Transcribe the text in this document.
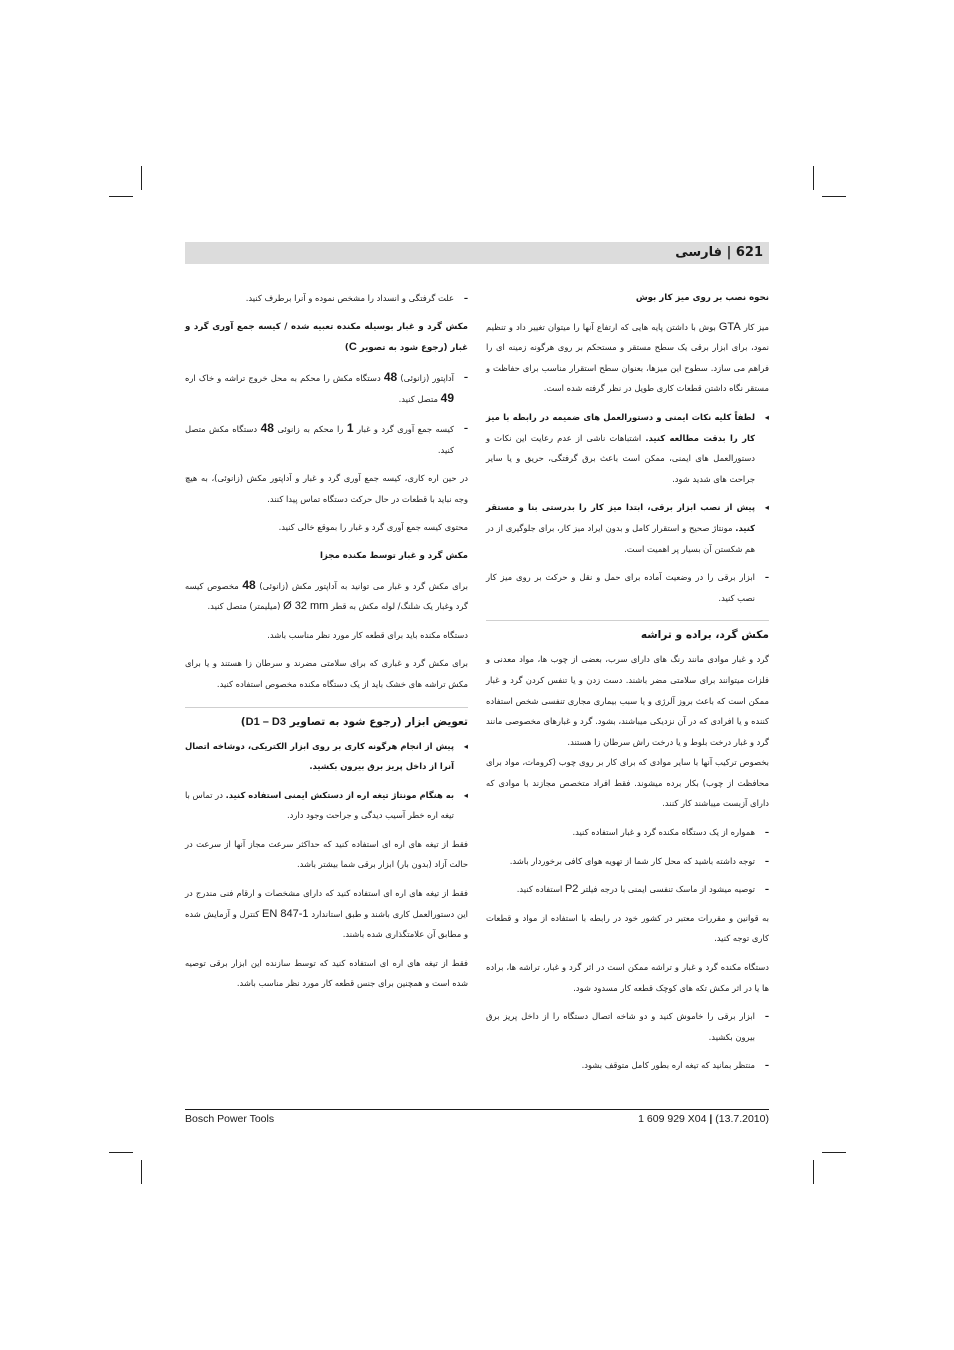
621 | فارسی

نحوه نصب بر روی میز کار بوش

میز کار GTA بوش با داشتن پایه هایی که ارتفاع آنها را میتوان تغییر داد و تنظیم نمود، برای ابزار برقی یک سطح مستقر و مستحکم بر روی هرگونه زمینه ای را فراهم می سازد. سطوح این میزها، بعنوان سطح استقرار مناسب برای حفاظت و مستقر نگاه داشتن قطعات کاری طویل در نظر گرفته شده است.

◂
لطفاً کلیه نکات ایمنی و دستورالعمل های ضمیمه در رابطه با میز کار را بدقت مطالعه کنید. اشتباهات ناشی از عدم رعایت این نکات و دستورالعمل های ایمنی، ممکن است باعث برق گرفتگی، حریق و یا سایر جراحت های شدید شود.
◂
پیش از نصب ابزار برقی، ابتدا میز کار را بدرستی بنا و مستقر کنید. مونتاژ صحیح و استقرار کامل و بدون ایراد میز کار، برای جلوگیری از در هم شکستن آن بسیار پر اهمیت است.
–
ابزار برقی را در وضعیت آماده برای حمل و نقل و حرکت بر روی میز کار نصب کنید.
مکش گرد، براده و تراشه

گرد و غبار موادی مانند رنگ های دارای سرب، بعضی از چوب ها، مواد معدنی و فلزات میتوانند برای سلامتی مضر باشند. دست زدن و یا تنفس کردن گرد و غبار ممکن است که باعث بروز آلرژی و یا سبب بیماری مجاری تنفسی شخص استفاده کننده و یا افرادی که در آن نزدیکی میباشند، بشود. گرد و غبارهای مخصوصی مانند گرد و غبار درخت بلوط و یا درخت راش سرطان زا هستند.

بخصوص ترکیب آنها با سایر موادی که برای کار بر روی چوب (کرومات، مواد برای محافظت از چوب) بکار برده میشوند. فقط افراد متخصص مجازند با موادی که دارای آزبست میباشند کار کنند.

–
همواره از یک دستگاه مکنده گرد و غبار استفاده کنید.
–
توجه داشته باشید که محل کار شما از تهویه هوای کافی برخوردار باشد.
–
توصیه میشود از ماسک تنفسی ایمنی با درجه فیلتر P2 استفاده کنید.

به قوانین و مقررات معتبر در کشور خود در رابطه با استفاده از مواد و قطعات کاری توجه کنید.

دستگاه مکنده گرد و غبار و تراشه ممکن است در اثر گرد و غبار، تراشه ها، براده ها یا در اثر مکش تکه های کوچک قطعه کار مسدود شود.

–
ابزار برقی را خاموش کنید و دو شاخه اتصال دستگاه را از داخل پریز برق بیرون بکشید.
–
منتظر بمانید که تیغه اره بطور کامل متوقف بشود.
–
علت گرفتگی و انسداد را مشخص نموده و آنرا برطرف کنید.

مکش گرد و غبار بوسیله مکنده تعبیه شده / کیسه جمع آوری گرد و غبار (رجوع شود به تصویر C)

–
آداپتور (زانوئی) 48 دستگاه مکش را محکم به محل خروج تراشه و خاک اره 49 متصل کنید.
–
کیسه جمع آوری گرد و غبار 1 را محکم به زانوئی 48 دستگاه مکش متصل کنید.

در حین اره کاری، کیسه جمع آوری گرد و غبار و آداپتور مکش (زانوئی)، به هیچ وجه نباید با قطعات در حال حرکت دستگاه تماس پیدا کنند.

محتوی کیسه جمع آوری گرد و غبار را بموقع خالی کنید.

مکش گرد و غبار توسط مکنده مجزا

برای مکش گرد و غبار می توانید به آداپتور مکش (زانوئی) 48 مخصوص کیسه گرد وغبار یک شلنگ/ لوله مکش به قطر Ø 32 mm (میلیمتر) متصل کنید.

دستگاه مکنده باید برای قطعه کار مورد نظر مناسب باشد.

برای مکش گرد و غباری که برای سلامتی مضرند و سرطان زا هستند و یا برای مکش تراشه های خشک باید از یک دستگاه مکنده مخصوص استفاده کنید.

تعویض ابزار (رجوع شود به تصاویر D1 – D3)
◂
پیش از انجام هرگونه کاری بر روی ابزار الکتریکی، دوشاخه اتصال آنرا از داخل پریز برق بیرون بکشید.
◂
به هنگام مونتاژ تیغه اره از دستکش ایمنی استفاده کنید. در تماس با تیغه اره خطر آسیب دیدگی و جراحت وجود دارد.

فقط از تیغه های اره ای استفاده کنید که حداکثر سرعت مجاز آنها از سرعت در حالت آزاد (بدون بار) ابزار برقی شما بیشتر باشد.

فقط از تیغه های اره ای استفاده کنید که دارای مشخصات و ارقام فنی مندرج در این دستورالعمل کاری باشند و طبق استاندارد EN 847-1 کنترل و آزمایش شده و مطابق آن علامتگذاری شده باشند.

فقط از تیغه های اره ای استفاده کنید که توسط سازنده این ابزار برقی توصیه شده است و همچنین برای جنس قطعه کار مورد نظر مناسب باشد.

Bosch Power Tools	1 609 929 X04 | (13.7.2010)
